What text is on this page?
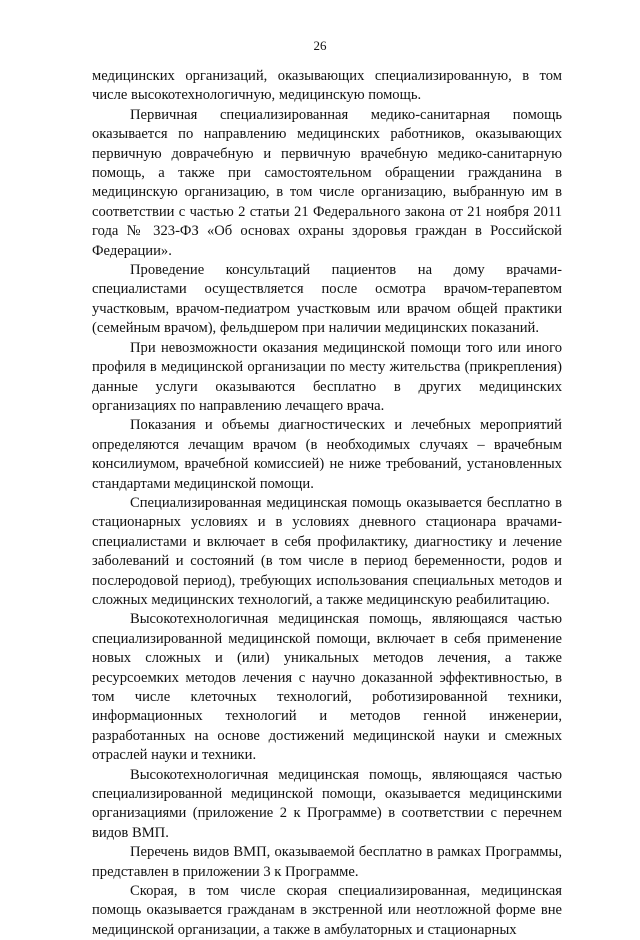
26

медицинских организаций, оказывающих специализированную, в том числе высокотехнологичную, медицинскую помощь.

Первичная специализированная медико-санитарная помощь оказывается по направлению медицинских работников, оказывающих первичную доврачебную и первичную врачебную медико-санитарную помощь, а также при самостоятельном обращении гражданина в медицинскую организацию, в том числе организацию, выбранную им в соответствии с частью 2 статьи 21 Федерального закона от 21 ноября 2011 года № 323-ФЗ «Об основах охраны здоровья граждан в Российской Федерации».

Проведение консультаций пациентов на дому врачами-специалистами осуществляется после осмотра врачом-терапевтом участковым, врачом-педиатром участковым или врачом общей практики (семейным врачом), фельдшером при наличии медицинских показаний.

При невозможности оказания медицинской помощи того или иного профиля в медицинской организации по месту жительства (прикрепления) данные услуги оказываются бесплатно в других медицинских организациях по направлению лечащего врача.

Показания и объемы диагностических и лечебных мероприятий определяются лечащим врачом (в необходимых случаях – врачебным консилиумом, врачебной комиссией) не ниже требований, установленных стандартами медицинской помощи.

Специализированная медицинская помощь оказывается бесплатно в стационарных условиях и в условиях дневного стационара врачами-специалистами и включает в себя профилактику, диагностику и лечение заболеваний и состояний (в том числе в период беременности, родов и послеродовой период), требующих использования специальных методов и сложных медицинских технологий, а также медицинскую реабилитацию.

Высокотехнологичная медицинская помощь, являющаяся частью специализированной медицинской помощи, включает в себя применение новых сложных и (или) уникальных методов лечения, а также ресурсоемких методов лечения с научно доказанной эффективностью, в том числе клеточных технологий, роботизированной техники, информационных технологий и методов генной инженерии, разработанных на основе достижений медицинской науки и смежных отраслей науки и техники.

Высокотехнологичная медицинская помощь, являющаяся частью специализированной медицинской помощи, оказывается медицинскими организациями (приложение 2 к Программе) в соответствии с перечнем видов ВМП.

Перечень видов ВМП, оказываемой бесплатно в рамках Программы, представлен в приложении 3 к Программе.

Скорая, в том числе скорая специализированная, медицинская помощь оказывается гражданам в экстренной или неотложной форме вне медицинской организации, а также в амбулаторных и стационарных
